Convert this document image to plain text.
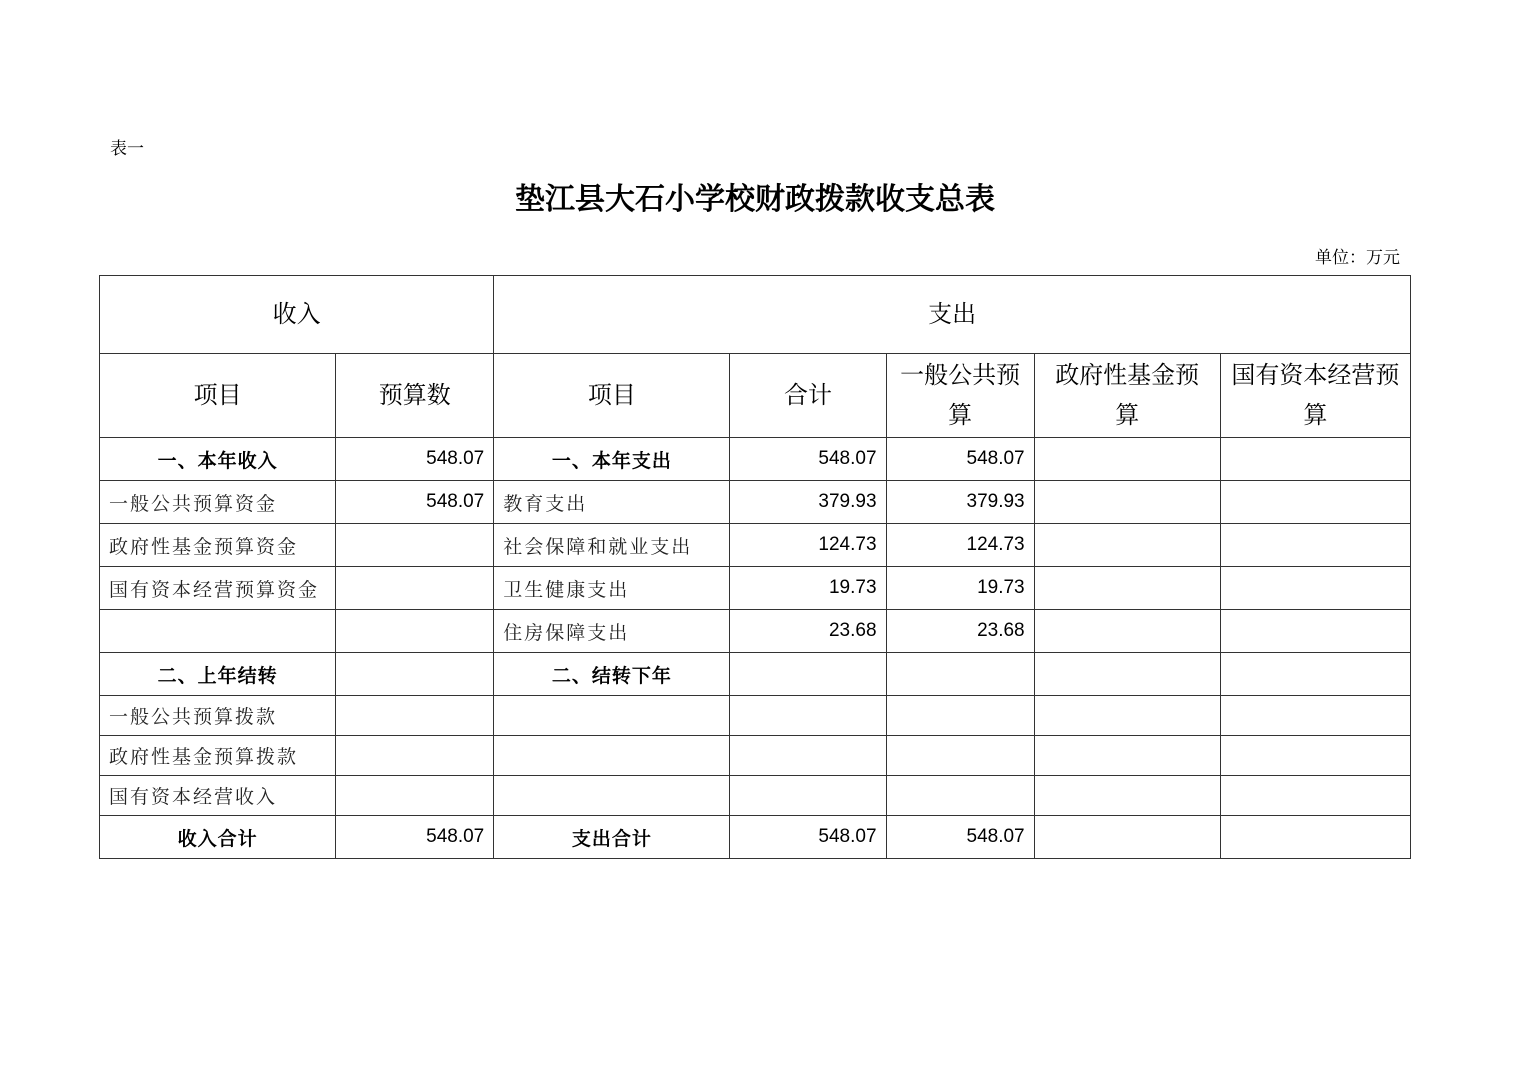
表一
垫江县大石小学校财政拨款收支总表
单位：万元
收入		支出				
项目	预算数	项目	合计	一般公共预算	政府性基金预算	国有资本经营预算
一、本年收入	548.07	一、本年支出	548.07	548.07		
一般公共预算资金	548.07	教育支出	379.93	379.93		
政府性基金预算资金		社会保障和就业支出	124.73	124.73		
国有资本经营预算资金		卫生健康支出	19.73	19.73		
		住房保障支出	23.68	23.68		
二、上年结转		二、结转下年				
一般公共预算拨款						
政府性基金预算拨款						
国有资本经营收入						
收入合计	548.07	支出合计	548.07	548.07		
